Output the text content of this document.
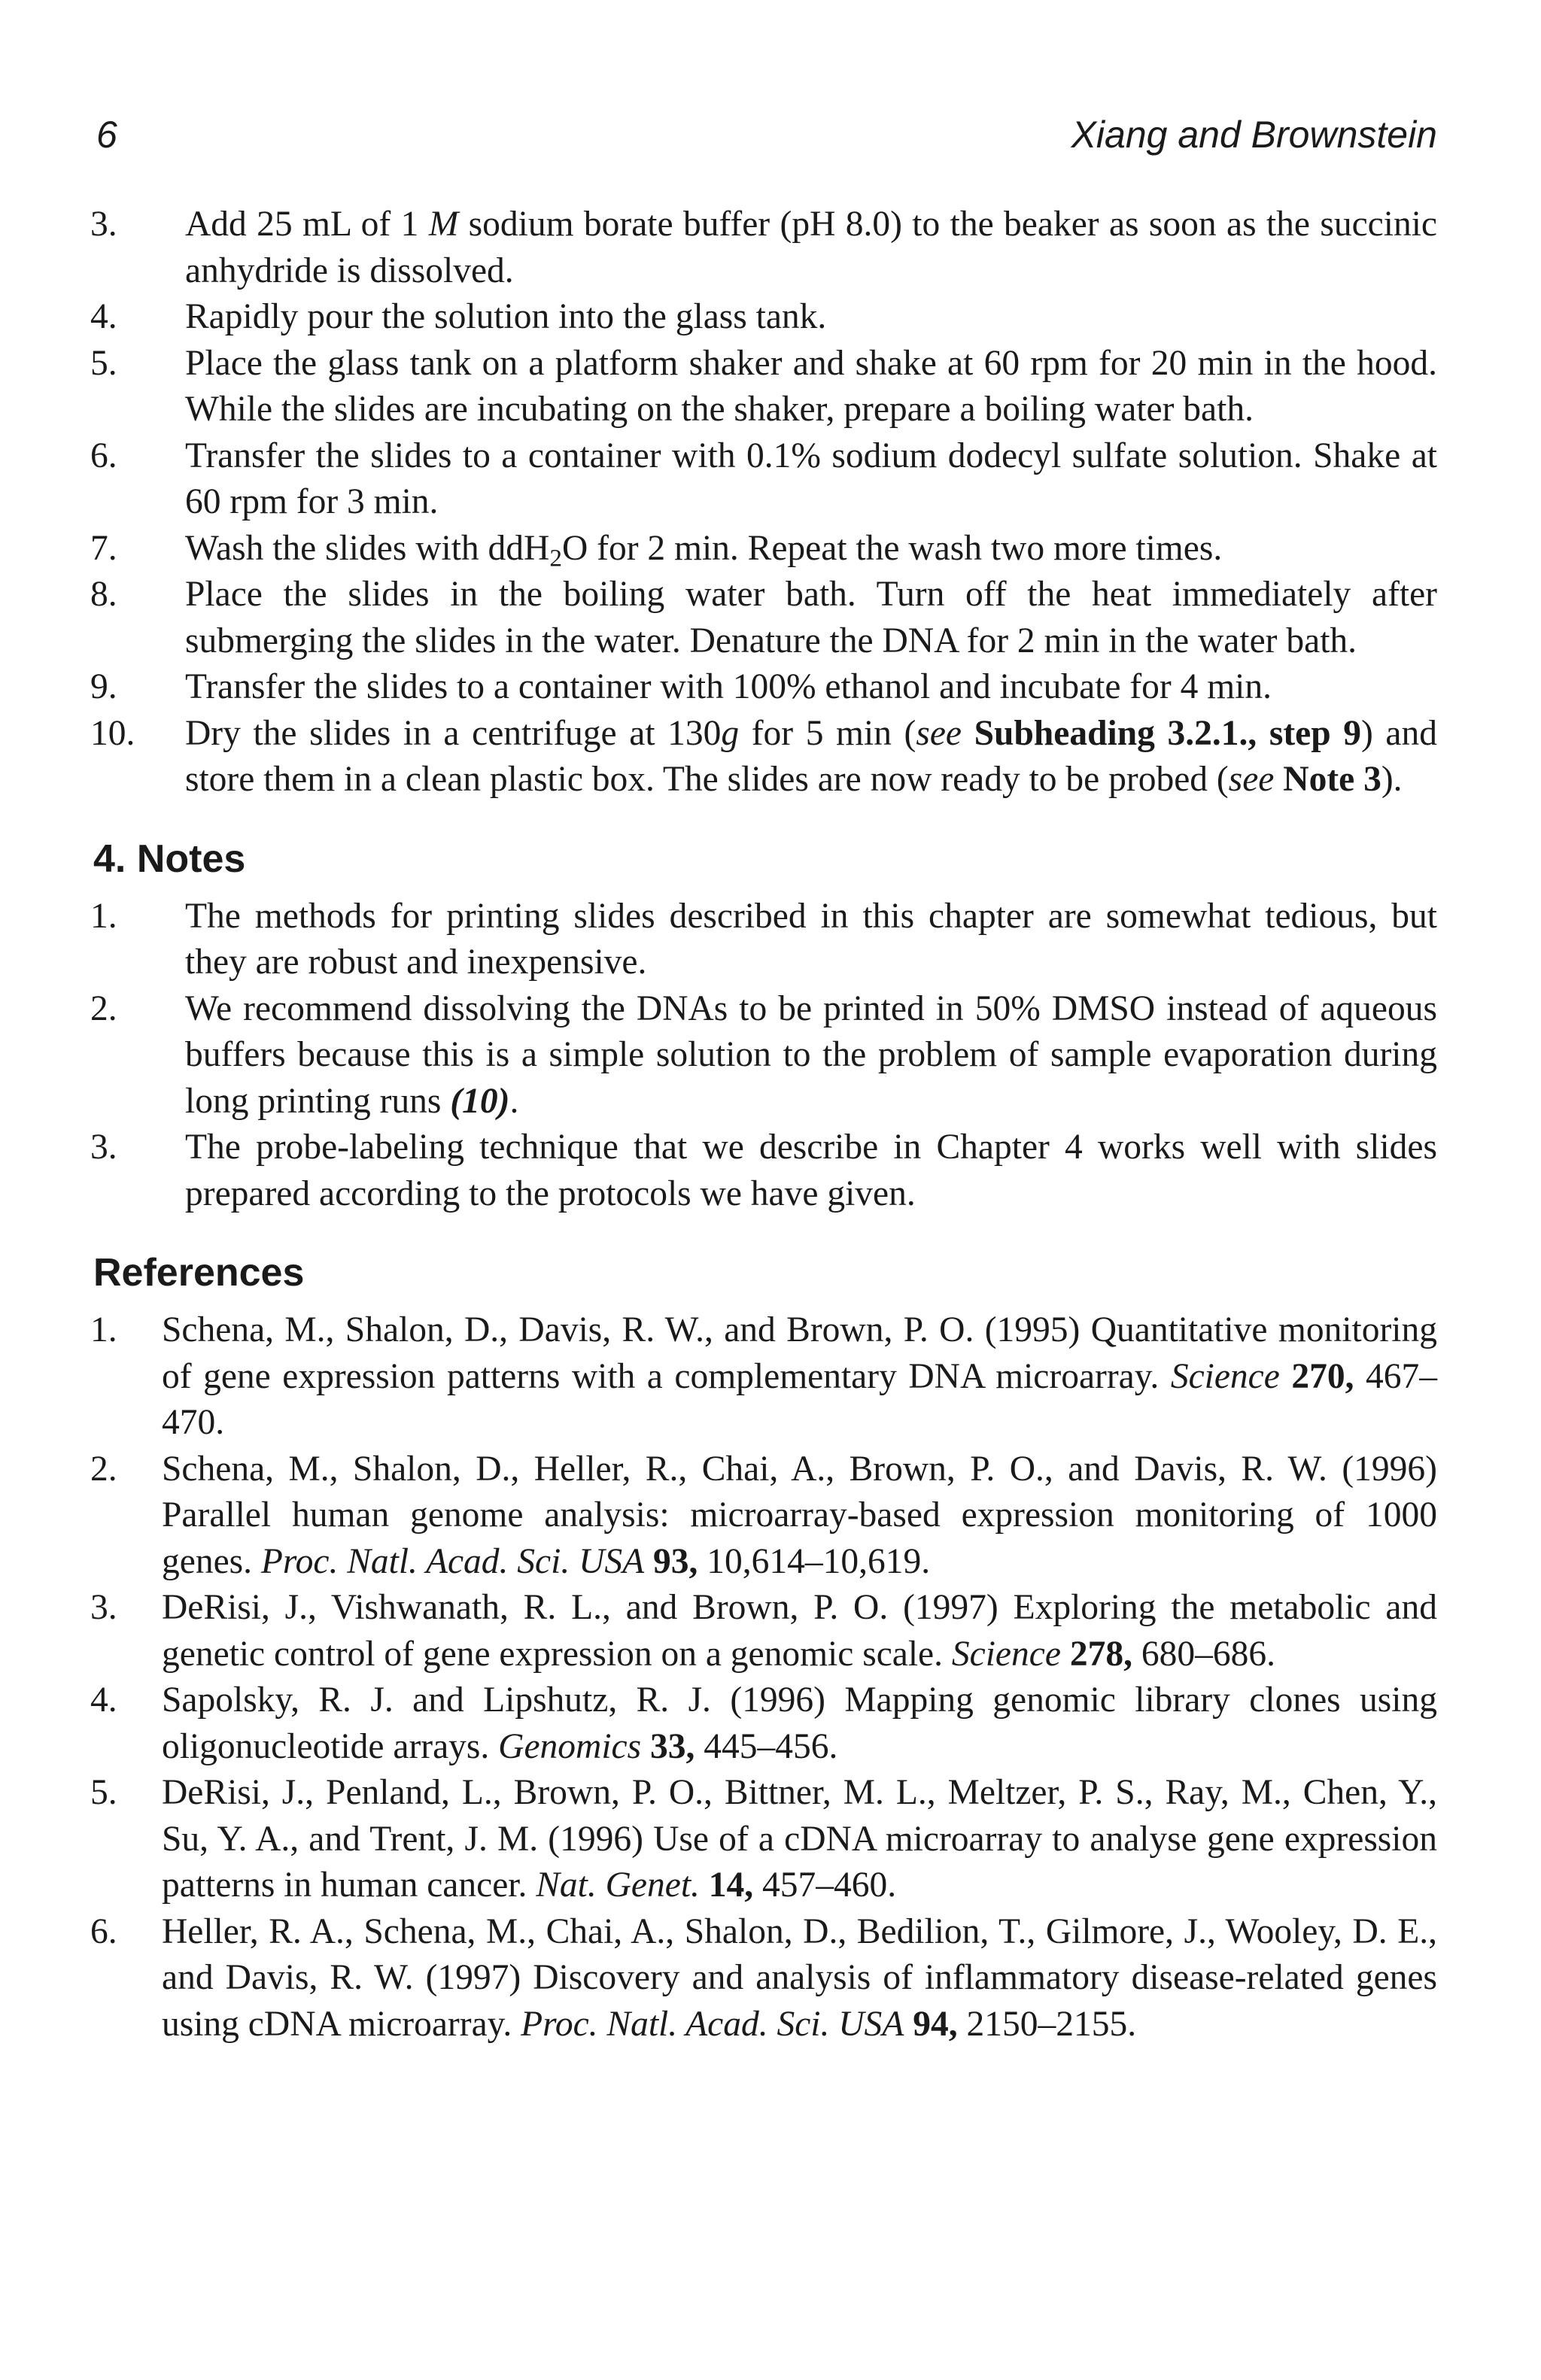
6	Xiang and Brownstein
3.	Add 25 mL of 1 M sodium borate buffer (pH 8.0) to the beaker as soon as the succinic anhydride is dissolved.
4.	Rapidly pour the solution into the glass tank.
5.	Place the glass tank on a platform shaker and shake at 60 rpm for 20 min in the hood. While the slides are incubating on the shaker, prepare a boiling water bath.
6.	Transfer the slides to a container with 0.1% sodium dodecyl sulfate solution. Shake at 60 rpm for 3 min.
7.	Wash the slides with ddH$_2$O for 2 min. Repeat the wash two more times.
8.	Place the slides in the boiling water bath. Turn off the heat immediately after submerging the slides in the water. Denature the DNA for 2 min in the water bath.
9.	Transfer the slides to a container with 100% ethanol and incubate for 4 min.
10.	Dry the slides in a centrifuge at 130g for 5 min (see Subheading 3.2.1., step 9) and store them in a clean plastic box. The slides are now ready to be probed (see Note 3).
4. Notes
1.	The methods for printing slides described in this chapter are somewhat tedious, but they are robust and inexpensive.
2.	We recommend dissolving the DNAs to be printed in 50% DMSO instead of aqueous buffers because this is a simple solution to the problem of sample evaporation during long printing runs (10).
3.	The probe-labeling technique that we describe in Chapter 4 works well with slides prepared according to the protocols we have given.
References
1.	Schena, M., Shalon, D., Davis, R. W., and Brown, P. O. (1995) Quantitative monitoring of gene expression patterns with a complementary DNA microarray. Science 270, 467–470.
2.	Schena, M., Shalon, D., Heller, R., Chai, A., Brown, P. O., and Davis, R. W. (1996) Parallel human genome analysis: microarray-based expression monitoring of 1000 genes. Proc. Natl. Acad. Sci. USA 93, 10,614–10,619.
3.	DeRisi, J., Vishwanath, R. L., and Brown, P. O. (1997) Exploring the metabolic and genetic control of gene expression on a genomic scale. Science 278, 680–686.
4.	Sapolsky, R. J. and Lipshutz, R. J. (1996) Mapping genomic library clones using oligonucleotide arrays. Genomics 33, 445–456.
5.	DeRisi, J., Penland, L., Brown, P. O., Bittner, M. L., Meltzer, P. S., Ray, M., Chen, Y., Su, Y. A., and Trent, J. M. (1996) Use of a cDNA microarray to analyse gene expression patterns in human cancer. Nat. Genet. 14, 457–460.
6.	Heller, R. A., Schena, M., Chai, A., Shalon, D., Bedilion, T., Gilmore, J., Wooley, D. E., and Davis, R. W. (1997) Discovery and analysis of inflammatory disease-related genes using cDNA microarray. Proc. Natl. Acad. Sci. USA 94, 2150–2155.
